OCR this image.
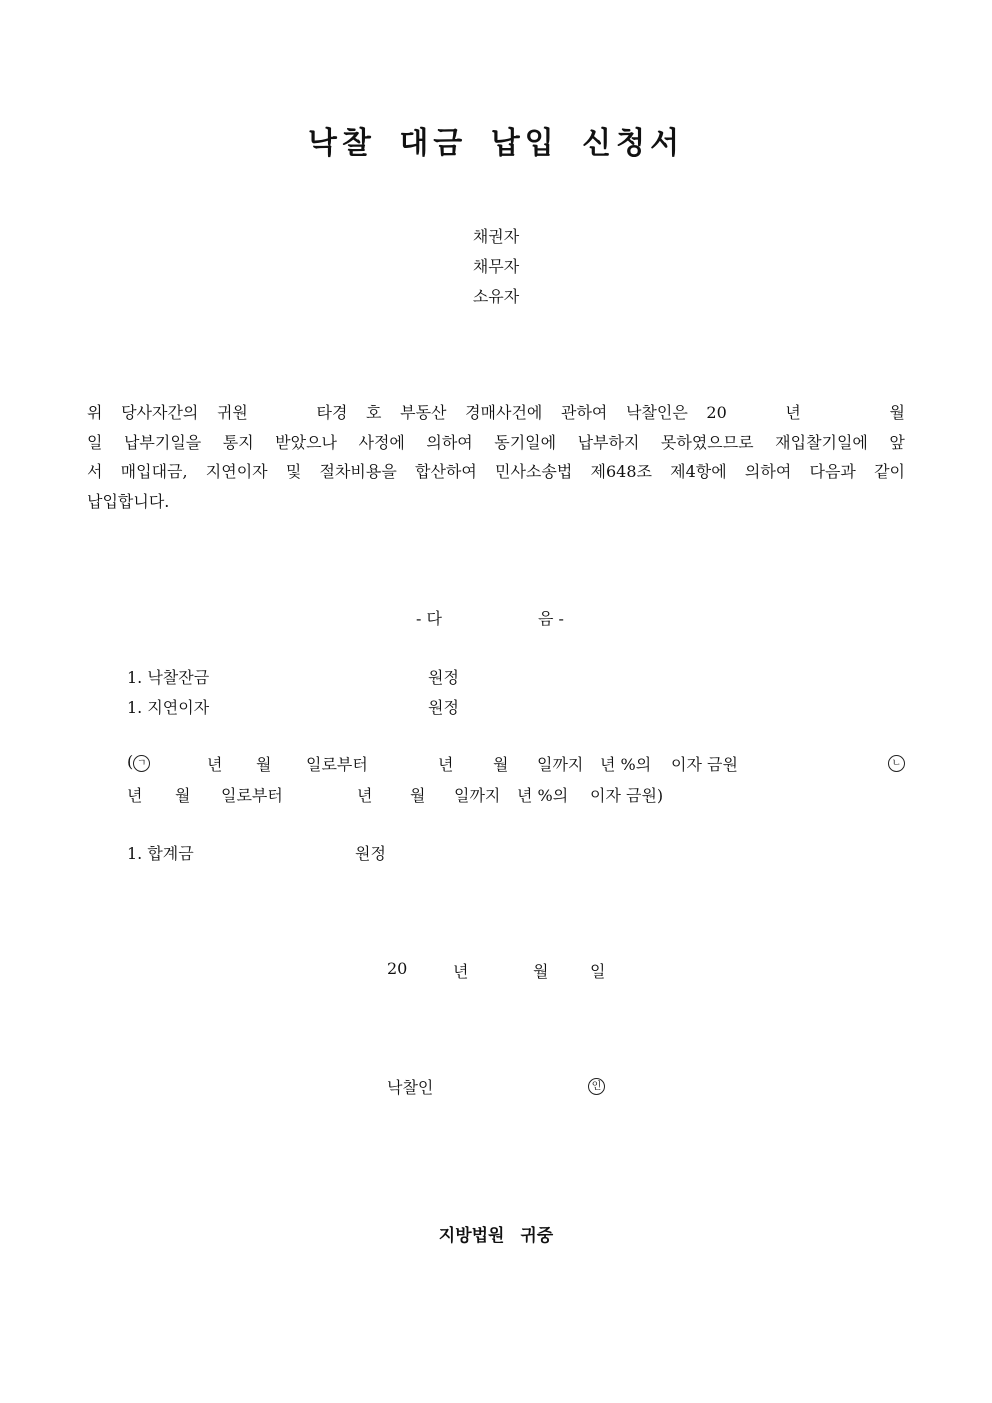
낙찰 대금 납입 신청서
채권자
채무자
소유자
위 당사자간의 귀원	타경 호 부동산 경매사건에 관하여 낙찰인은 20	년	월
일 납부기일을 통지 받았으나 사정에 의하여 동기일에 납부하지 못하였으므로 재입찰기일에 앞
서 매입대금, 지연이자 및 절차비용을 합산하여 민사소송법 제648조 제4항에 의하여 다음과 같이
납입합니다.
- 다	음 -
1. 낙찰잔금	원정
1. 지연이자	원정
( ㄱ	년 월 일로부터	년 월 일까지 년 %의 이자 금원	ㄴ
년 월 일로부터	년 월 일까지 년 %의 이자 금원)
1. 합계금	원정
20	년	월	일
낙찰인	인
지방법원 귀중
